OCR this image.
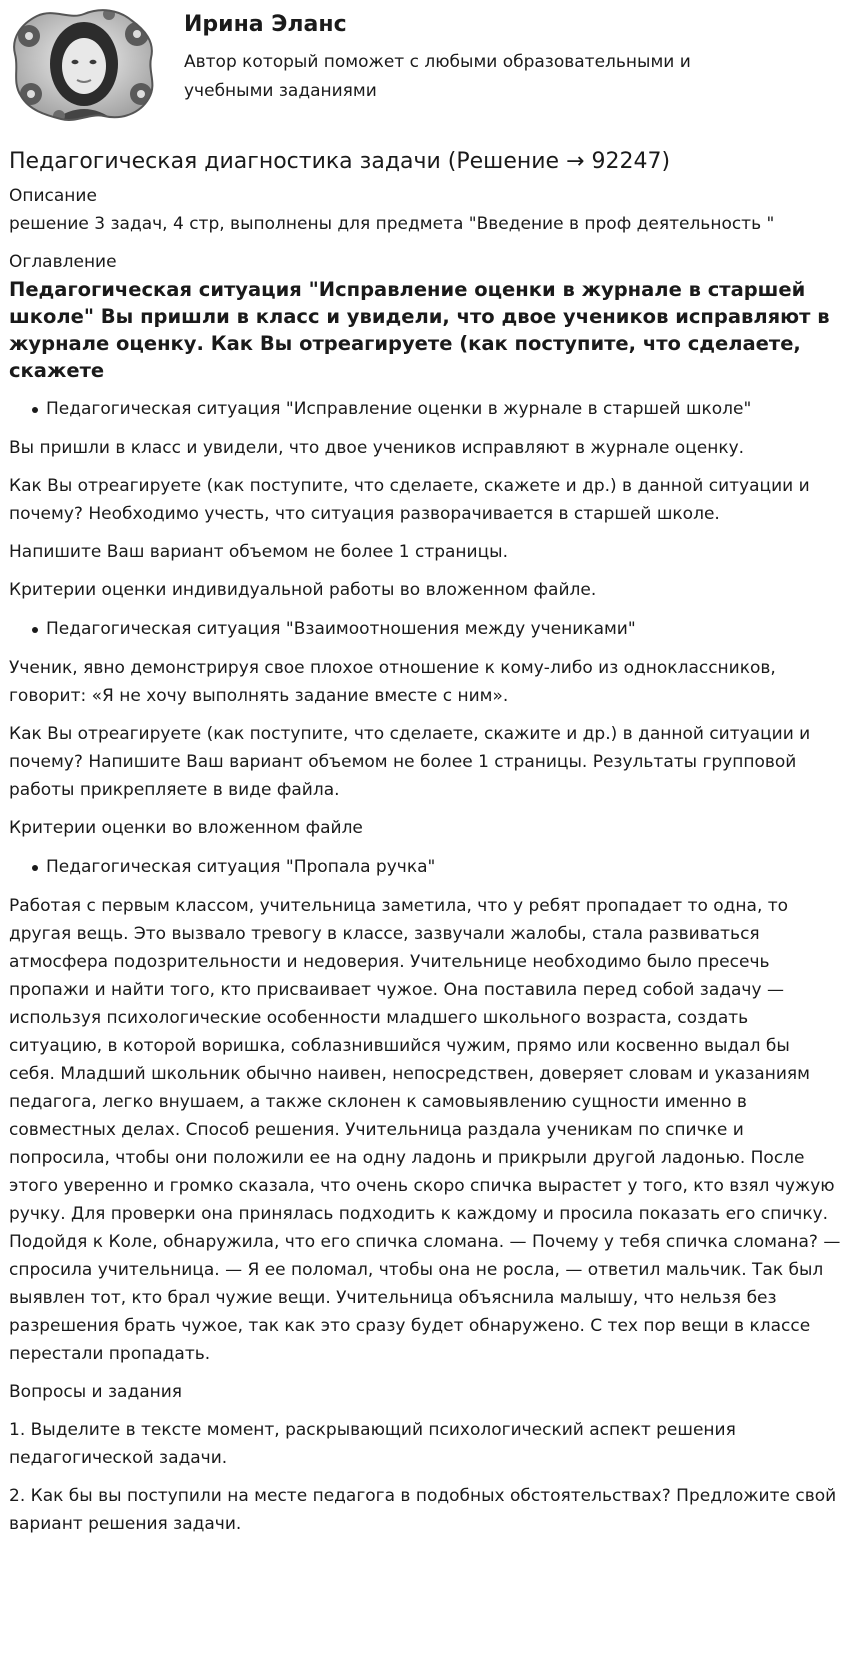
Ирина Эланс

Автор который поможет с любыми образовательными и учебными заданиями

Педагогическая диагностика задачи (Решение → 92247)

Описание

решение 3 задач, 4 стр, выполнены для предмета "Введение в проф деятельность "

Оглавление

Педагогическая ситуация "Исправление оценки в журнале в старшей школе" Вы пришли в класс и увидели, что двое учеников исправляют в журнале оценку. Как Вы отреагируете (как поступите, что сделаете, скажете

Педагогическая ситуация "Исправление оценки в журнале в старшей школе"

Вы пришли в класс и увидели, что двое учеников исправляют в журнале оценку.

Как Вы отреагируете (как поступите, что сделаете, скажете и др.) в данной ситуации и почему? Необходимо учесть, что ситуация разворачивается в старшей школе.

Напишите Ваш вариант объемом не более 1 страницы.

Критерии оценки индивидуальной работы во вложенном файле.

Педагогическая ситуация "Взаимоотношения между учениками"

Ученик, явно демонстрируя свое плохое отношение к кому-либо из одноклассников, говорит: «Я не хочу выполнять задание вместе с ним».

Как Вы отреагируете (как поступите, что сделаете, скажите и др.) в данной ситуации и почему? Напишите Ваш вариант объемом не более 1 страницы. Результаты групповой работы прикрепляете в виде файла.

Критерии оценки во вложенном файле

Педагогическая ситуация "Пропала ручка"

Работая с первым классом, учительница заметила, что у ребят пропадает то одна, то другая вещь. Это вызвало тревогу в классе, зазвучали жалобы, стала развиваться атмосфера подозрительности и недоверия. Учительнице необходимо было пресечь пропажи и найти того, кто присваивает чужое. Она поставила перед собой задачу — используя психологические особенности младшего школьного возраста, создать ситуацию, в которой воришка, соблазнившийся чужим, прямо или косвенно выдал бы себя. Младший школьник обычно наивен, непосредствен, доверяет словам и указаниям педагога, легко внушаем, а также склонен к самовыявлению сущности именно в совместных делах. Способ решения. Учительница раздала ученикам по спичке и попросила, чтобы они положили ее на одну ладонь и прикрыли другой ладонью. После этого уверенно и громко сказала, что очень скоро спичка вырастет у того, кто взял чужую ручку. Для проверки она принялась подходить к каждому и просила показать его спичку. Подойдя к Коле, обнаружила, что его спичка сломана. — Почему у тебя спичка сломана? — спросила учительница. — Я ее поломал, чтобы она не росла, — ответил мальчик. Так был выявлен тот, кто брал чужие вещи. Учительница объяснила малышу, что нельзя без разрешения брать чужое, так как это сразу будет обнаружено. С тех пор вещи в классе перестали пропадать.

Вопросы и задания

1. Выделите в тексте момент, раскрывающий психологический аспект решения педагогической задачи.

2. Как бы вы поступили на месте педагога в подобных обстоятельствах? Предложите свой вариант решения задачи.
